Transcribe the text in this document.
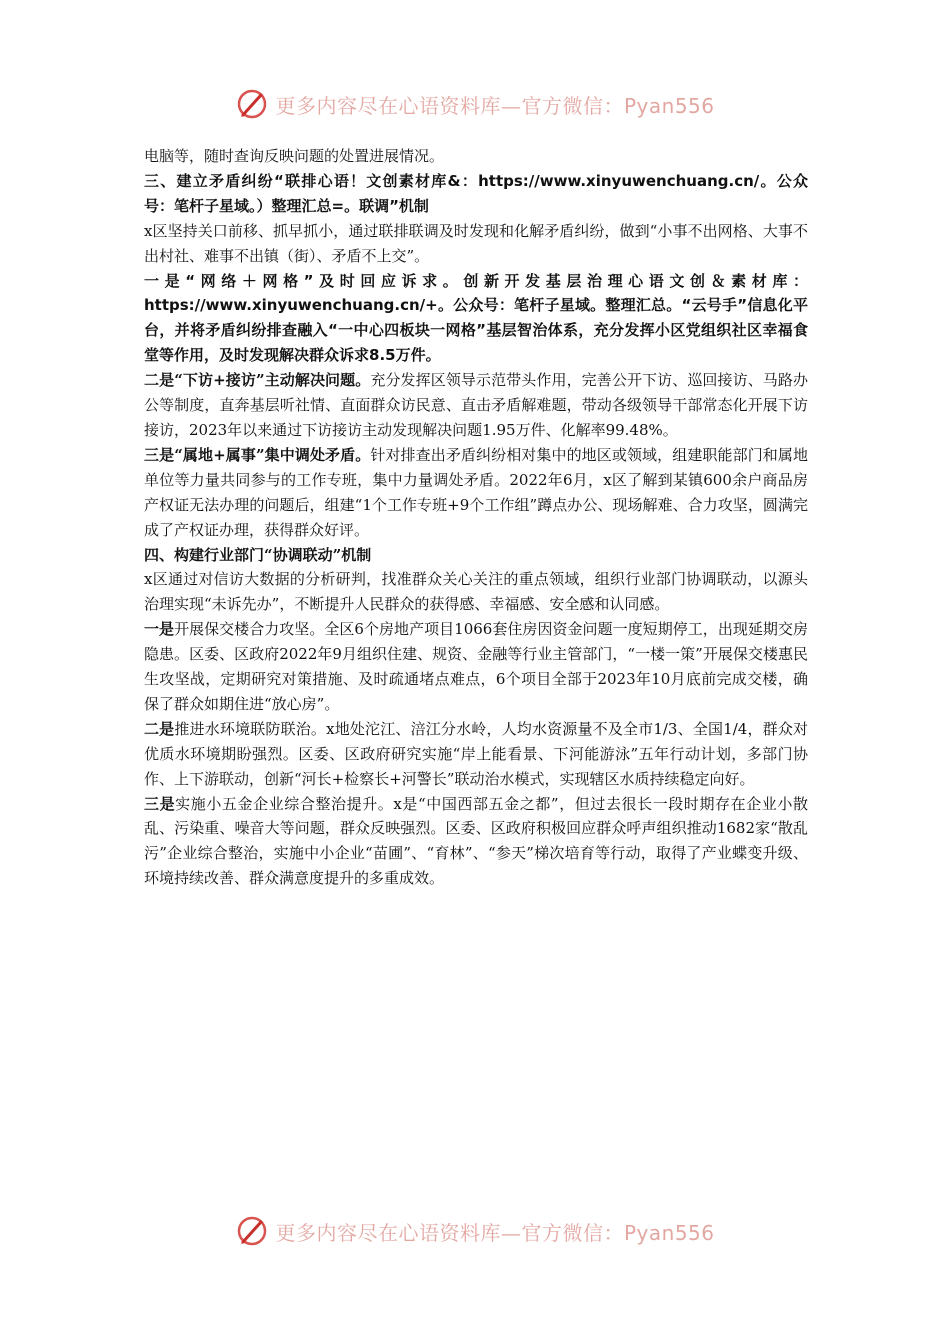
更多内容尽在心语资料库—官方微信：Pyan556

电脑等，随时查询反映问题的处置进展情况。

三、建立矛盾纠纷“联排心语！文创素材库&：https://www.xinyuwenchuang.cn/。公众号：笔杆子星域。）整理汇总=。联调”机制

x区坚持关口前移、抓早抓小，通过联排联调及时发现和化解矛盾纠纷，做到“小事不出网格、大事不出村社、难事不出镇（街）、矛盾不上交”。

一是“网络＋网格”及时回应诉求。创新开发基层治理心语文创＆素材库：https://www.xinyuwenchuang.cn/+。公众号：笔杆子星域。整理汇总。“云号手”信息化平台，并将矛盾纠纷排查融入“一中心四板块一网格”基层智治体系，充分发挥小区党组织社区幸福食堂等作用，及时发现解决群众诉求8.5万件。

二是“下访+接访”主动解决问题。充分发挥区领导示范带头作用，完善公开下访、巡回接访、马路办公等制度，直奔基层听社情、直面群众访民意、直击矛盾解难题，带动各级领导干部常态化开展下访接访，2023年以来通过下访接访主动发现解决问题1.95万件、化解率99.48%。

三是“属地+属事”集中调处矛盾。针对排查出矛盾纠纷相对集中的地区或领域，组建职能部门和属地单位等力量共同参与的工作专班，集中力量调处矛盾。2022年6月，x区了解到某镇600余户商品房产权证无法办理的问题后，组建“1个工作专班+9个工作组”蹲点办公、现场解难、合力攻坚，圆满完成了产权证办理，获得群众好评。

四、构建行业部门“协调联动”机制

x区通过对信访大数据的分析研判，找准群众关心关注的重点领域，组织行业部门协调联动，以源头治理实现“未诉先办”，不断提升人民群众的获得感、幸福感、安全感和认同感。

一是开展保交楼合力攻坚。全区6个房地产项目1066套住房因资金问题一度短期停工，出现延期交房隐患。区委、区政府2022年9月组织住建、规资、金融等行业主管部门，“一楼一策”开展保交楼惠民生攻坚战，定期研究对策措施、及时疏通堵点难点，6个项目全部于2023年10月底前完成交楼，确保了群众如期住进“放心房”。

二是推进水环境联防联治。x地处沱江、涪江分水岭，人均水资源量不及全市1/3、全国1/4，群众对优质水环境期盼强烈。区委、区政府研究实施“岸上能看景、下河能游泳”五年行动计划，多部门协作、上下游联动，创新“河长+检察长+河警长”联动治水模式，实现辖区水质持续稳定向好。

三是实施小五金企业综合整治提升。x是“中国西部五金之都”，但过去很长一段时期存在企业小散乱、污染重、噪音大等问题，群众反映强烈。区委、区政府积极回应群众呼声组织推动1682家“散乱污”企业综合整治，实施中小企业“苗圃”、“育林”、“参天”梯次培育等行动，取得了产业蝶变升级、环境持续改善、群众满意度提升的多重成效。

更多内容尽在心语资料库—官方微信：Pyan556
